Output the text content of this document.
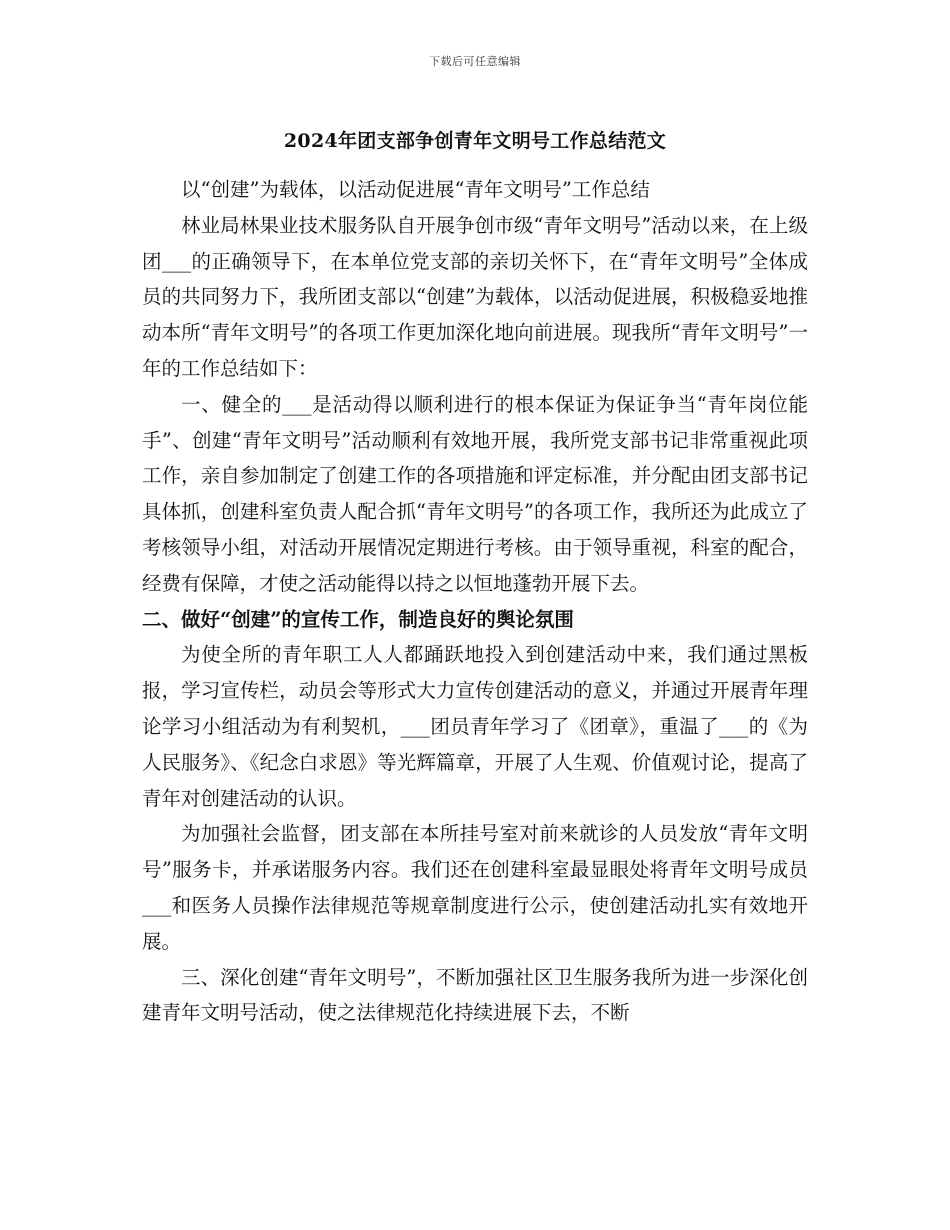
下载后可任意编辑
2024年团支部争创青年文明号工作总结范文

以“创建”为载体，以活动促进展“青年文明号”工作总结

林业局林果业技术服务队自开展争创市级“青年文明号”活动以来，在上级团___的正确领导下，在本单位党支部的亲切关怀下，在“青年文明号”全体成员的共同努力下，我所团支部以“创建”为载体，以活动促进展，积极稳妥地推动本所“青年文明号”的各项工作更加深化地向前进展。现我所“青年文明号”一年的工作总结如下：

一、健全的___是活动得以顺利进行的根本保证为保证争当“青年岗位能手”、创建“青年文明号”活动顺利有效地开展，我所党支部书记非常重视此项工作，亲自参加制定了创建工作的各项措施和评定标准，并分配由团支部书记具体抓，创建科室负责人配合抓“青年文明号”的各项工作，我所还为此成立了考核领导小组，对活动开展情况定期进行考核。由于领导重视，科室的配合，经费有保障，才使之活动能得以持之以恒地蓬勃开展下去。

二、做好“创建”的宣传工作，制造良好的舆论氛围

为使全所的青年职工人人都踊跃地投入到创建活动中来，我们通过黑板报，学习宣传栏，动员会等形式大力宣传创建活动的意义，并通过开展青年理论学习小组活动为有利契机，___团员青年学习了《团章》，重温了___的《为人民服务》、《纪念白求恩》等光辉篇章，开展了人生观、价值观讨论，提高了青年对创建活动的认识。

为加强社会监督，团支部在本所挂号室对前来就诊的人员发放“青年文明号”服务卡，并承诺服务内容。我们还在创建科室最显眼处将青年文明号成员___和医务人员操作法律规范等规章制度进行公示，使创建活动扎实有效地开展。

三、深化创建“青年文明号”，不断加强社区卫生服务我所为进一步深化创建青年文明号活动，使之法律规范化持续进展下去，不断
